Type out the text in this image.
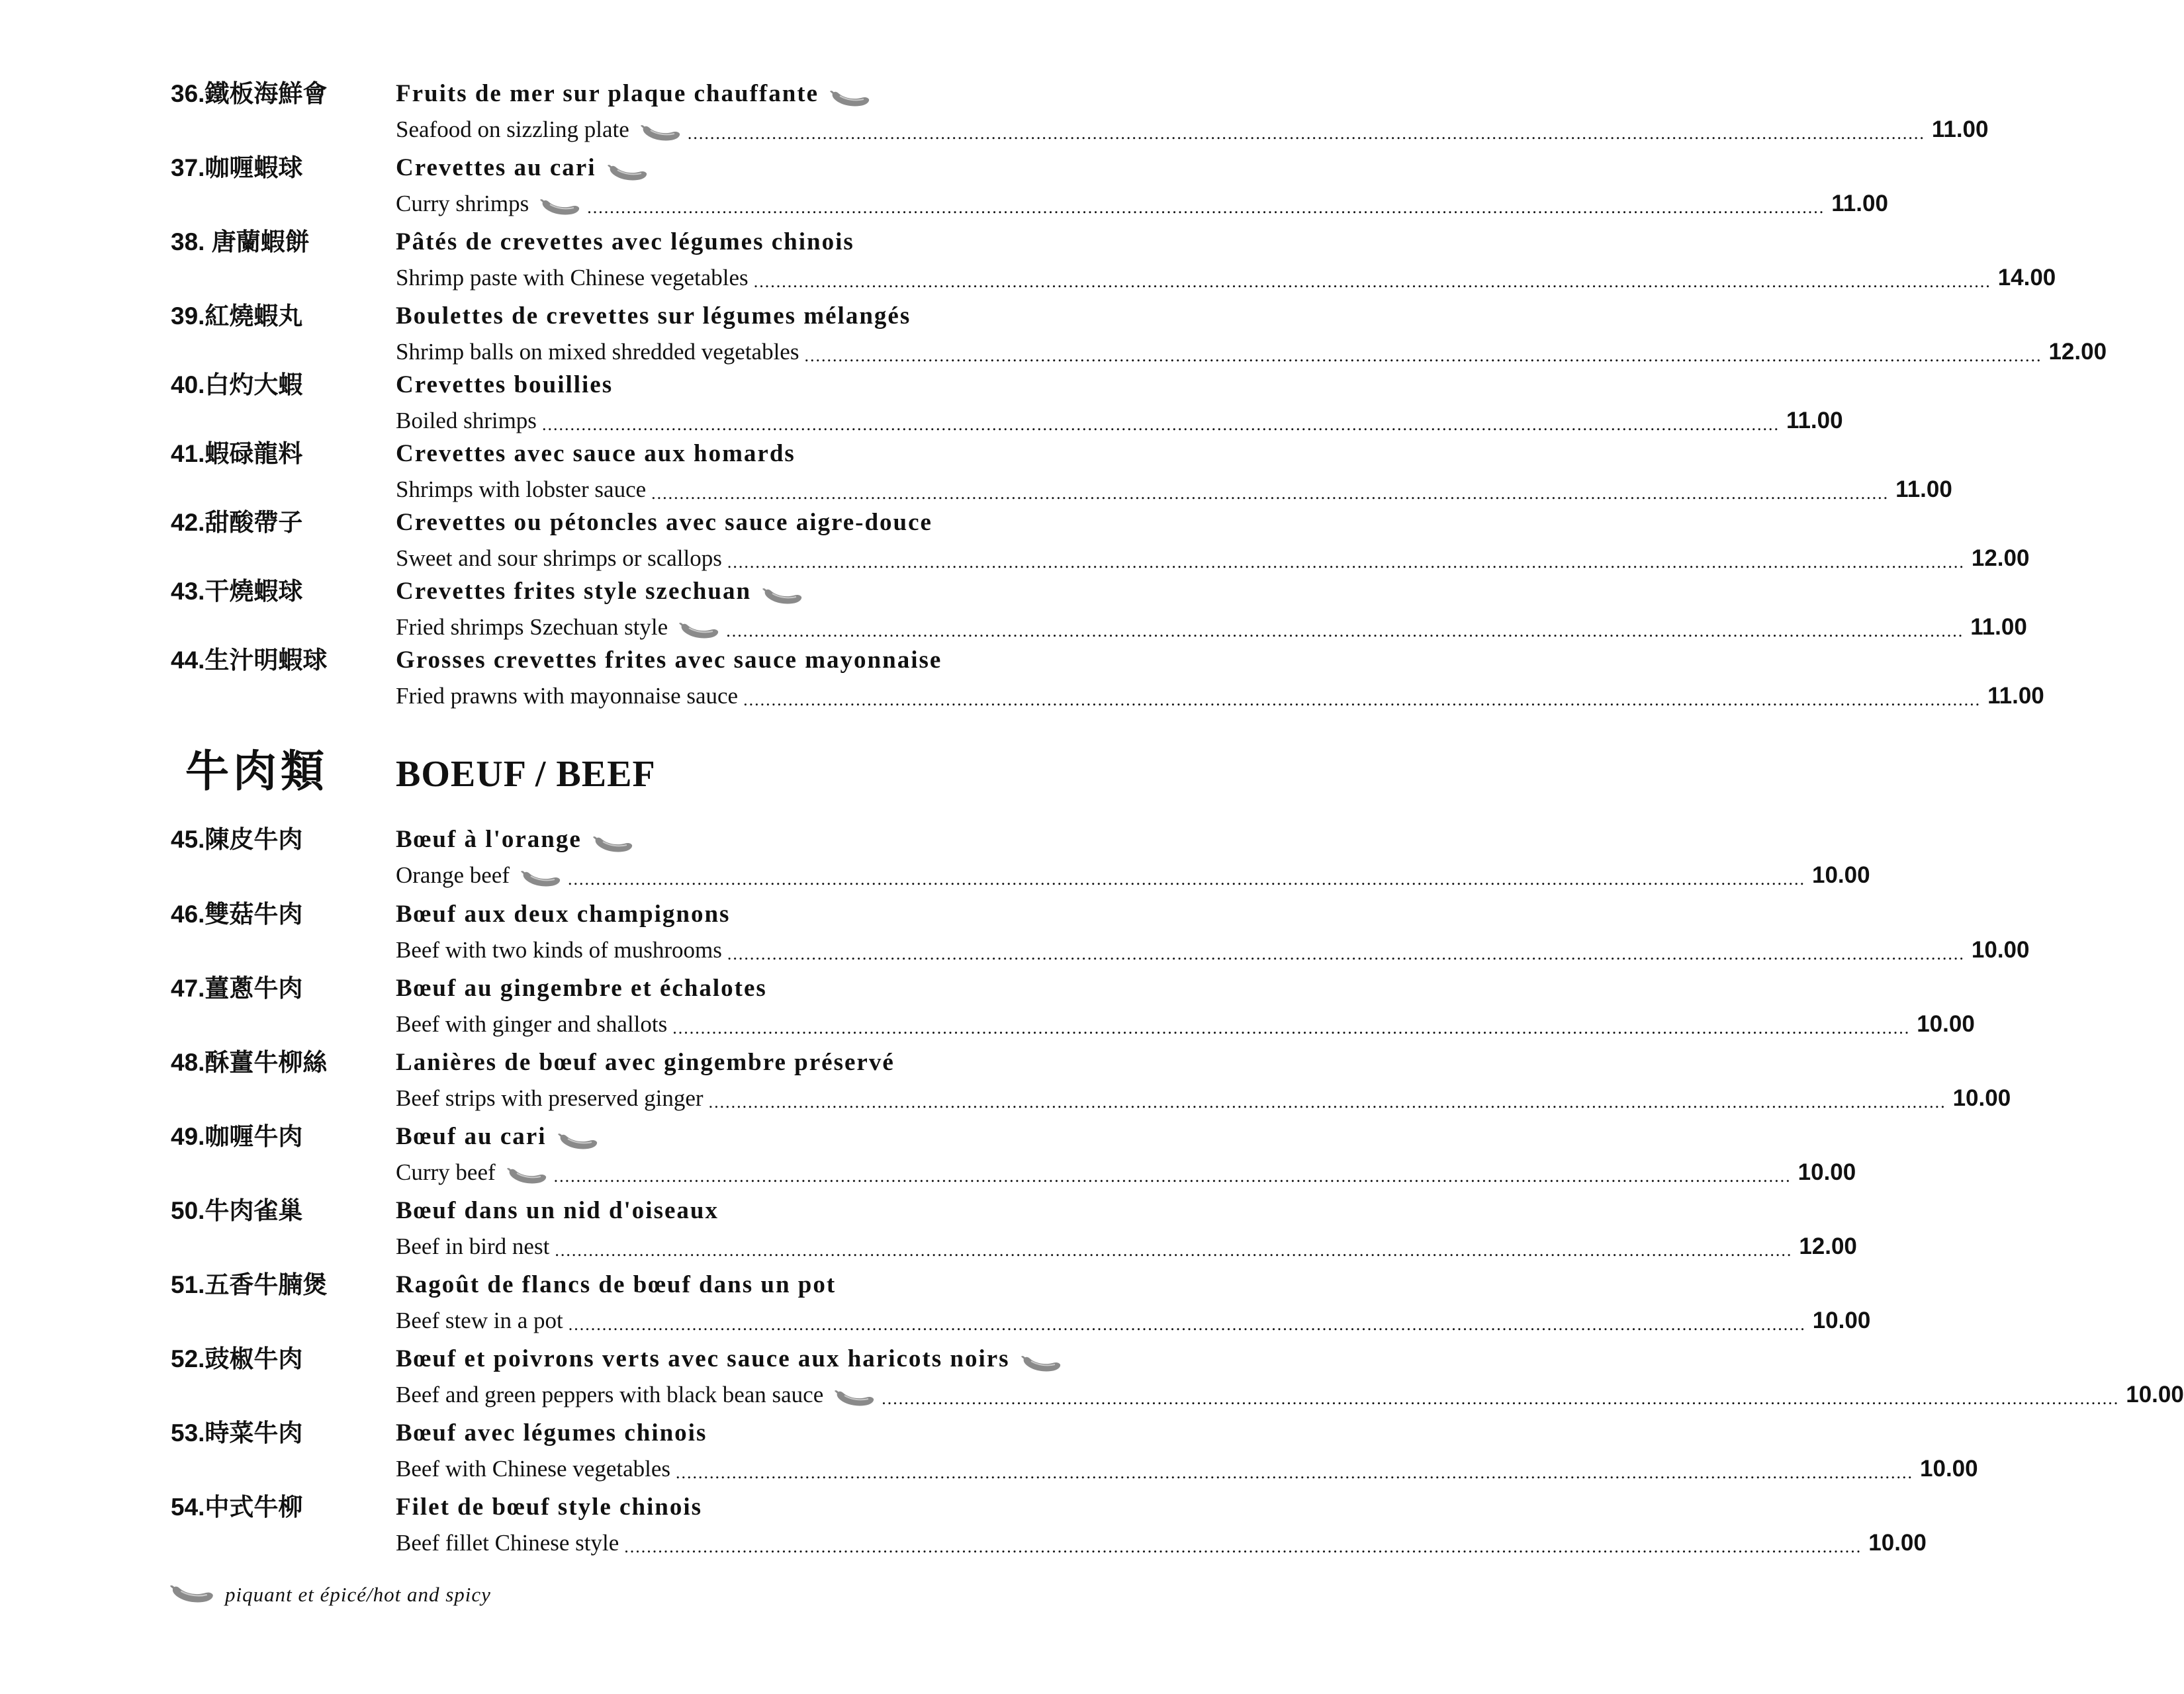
36.鐵板海鮮會	Fruits de mer sur plaque chauffante
Seafood on sizzling plate	............................................................................................................................................................................................................................ 11.00
37.咖喱蝦球	Crevettes au cari
Curry shrimps	............................................................................................................................................................................................................................ 11.00
38. 唐蘭蝦餅	Pâtés de crevettes avec légumes chinois
Shrimp paste with Chinese vegetables ............................................................................................................................................................................................................................ 14.00
39.紅燒蝦丸	Boulettes de crevettes sur légumes mélangés
Shrimp balls on mixed shredded vegetables ............................................................................................................................................................................................................................ 12.00
40.白灼大蝦	Crevettes bouillies
Boiled shrimps ............................................................................................................................................................................................................................ 11.00
41.蝦碌龍料	Crevettes avec sauce aux homards
Shrimps with lobster sauce ............................................................................................................................................................................................................................ 11.00
42.甜酸帶子	Crevettes ou pétoncles avec sauce aigre-douce
Sweet and sour shrimps or scallops ............................................................................................................................................................................................................................ 12.00
43.干燒蝦球	Crevettes frites style szechuan
Fried shrimps Szechuan style	............................................................................................................................................................................................................................ 11.00
44.生汁明蝦球	Grosses crevettes frites avec sauce mayonnaise
Fried prawns with mayonnaise sauce ............................................................................................................................................................................................................................ 11.00
牛肉類 BOEUF / BEEF
45.陳皮牛肉	Bœuf à l'orange
Orange beef	............................................................................................................................................................................................................................ 10.00
46.雙菇牛肉	Bœuf aux deux champignons
Beef with two kinds of mushrooms ............................................................................................................................................................................................................................ 10.00
47.薑蔥牛肉	Bœuf au gingembre et échalotes
Beef with ginger and shallots ............................................................................................................................................................................................................................ 10.00
48.酥薑牛柳絲	Lanières de bœuf avec gingembre préservé
Beef strips with preserved ginger ............................................................................................................................................................................................................................ 10.00
49.咖喱牛肉	Bœuf au cari
Curry beef	............................................................................................................................................................................................................................ 10.00
50.牛肉雀巢	Bœuf dans un nid d'oiseaux
Beef in bird nest ............................................................................................................................................................................................................................ 12.00
51.五香牛腩煲	Ragoût de flancs de bœuf dans un pot
Beef stew in a pot ............................................................................................................................................................................................................................ 10.00
52.豉椒牛肉	Bœuf et poivrons verts avec sauce aux haricots noirs
Beef and green peppers with black bean sauce	............................................................................................................................................................................................................................ 10.00
53.時菜牛肉	Bœuf avec légumes chinois
Beef with Chinese vegetables ............................................................................................................................................................................................................................ 10.00
54.中式牛柳	Filet de bœuf style chinois
Beef fillet Chinese style ............................................................................................................................................................................................................................ 10.00
piquant et épicé/hot and spicy
